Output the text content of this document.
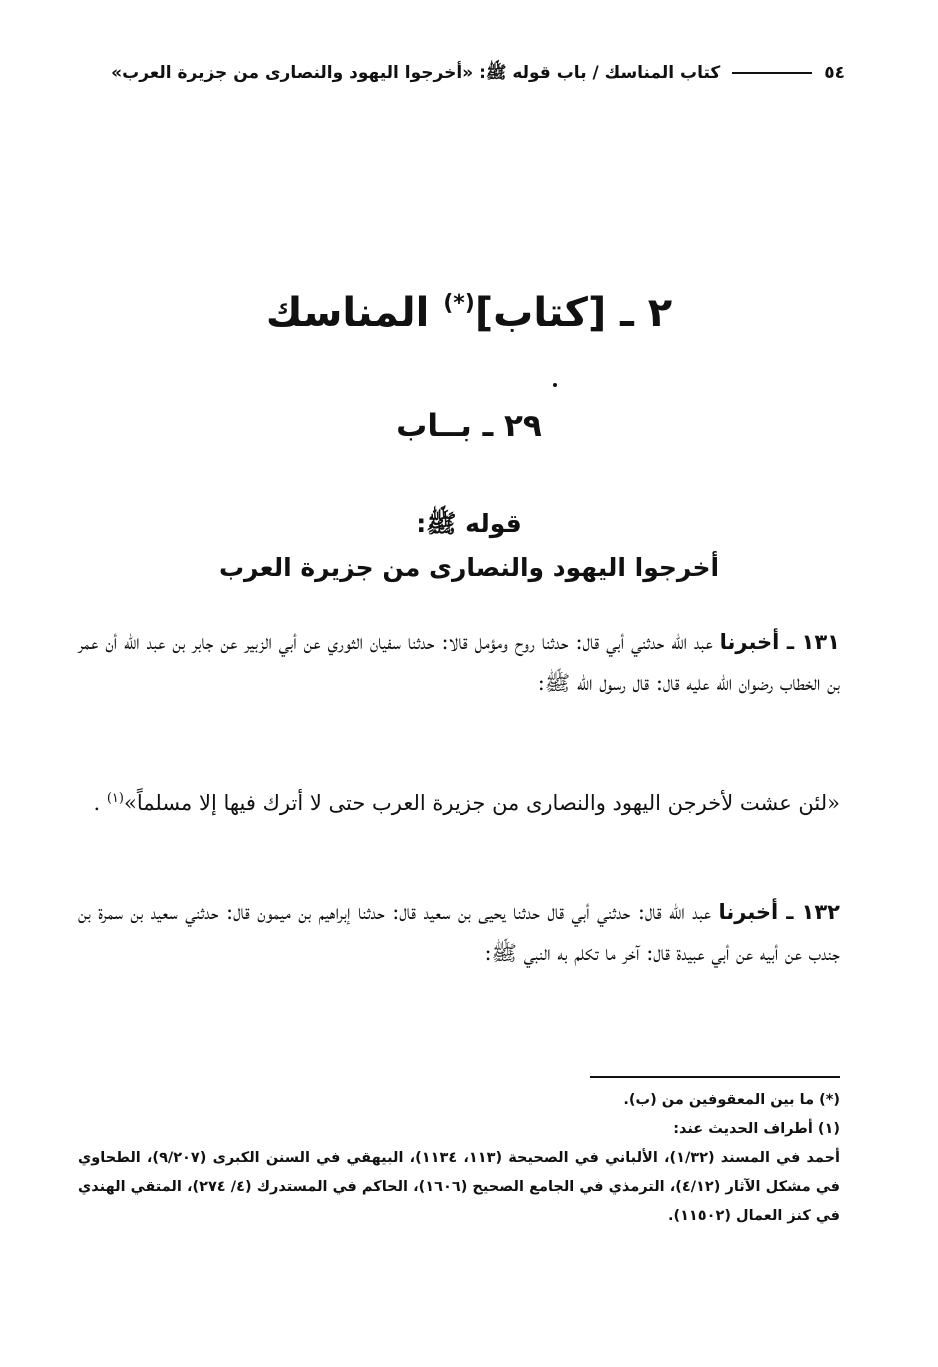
٥٤ كتاب المناسك / باب قوله ﷺ: «أخرجوا اليهود والنصارى من جزيرة العرب»
٢ ـ [كتاب](*) المناسك
٢٩ ـ بــاب
قوله ﷺ:
أخرجوا اليهود والنصارى من جزيرة العرب

١٣١ ـ أخبرنا عبد الله حدثني أبي قال: حدثنا روح ومؤمل قالا: حدثنا سفيان الثوري عن أبي الزبير عن جابر بن عبد الله أن عمر بن الخطاب رضوان الله عليه قال: قال رسول الله ﷺ:

«لئن عشت لأخرجن اليهود والنصارى من جزيرة العرب حتى لا أترك فيها إلا مسلماً»$^{(١)}$ .

١٣٢ ـ أخبرنا عبد الله قال: حدثني أبي قال حدثنا يحيى بن سعيد قال: حدثنا إبراهيم بن ميمون قال: حدثني سعيد بن سمرة بن جندب عن أبيه عن أبي عبيدة قال: آخر ما تكلم به النبي ﷺ:

(*) ما بين المعقوفين من (ب).

(١) أطراف الحديث عند:

أحمد في المسند (١/٣٢)، الألباني في الصحيحة (١١٣، ١١٣٤)، البيهقي في السنن الكبرى (٩/٢٠٧)، الطحاوي في مشكل الآثار (٤/١٢)، الترمذي في الجامع الصحيح (١٦٠٦)، الحاكم في المستدرك (٤/ ٢٧٤)، المتقي الهندي في كنز العمال (١١٥٠٢).
